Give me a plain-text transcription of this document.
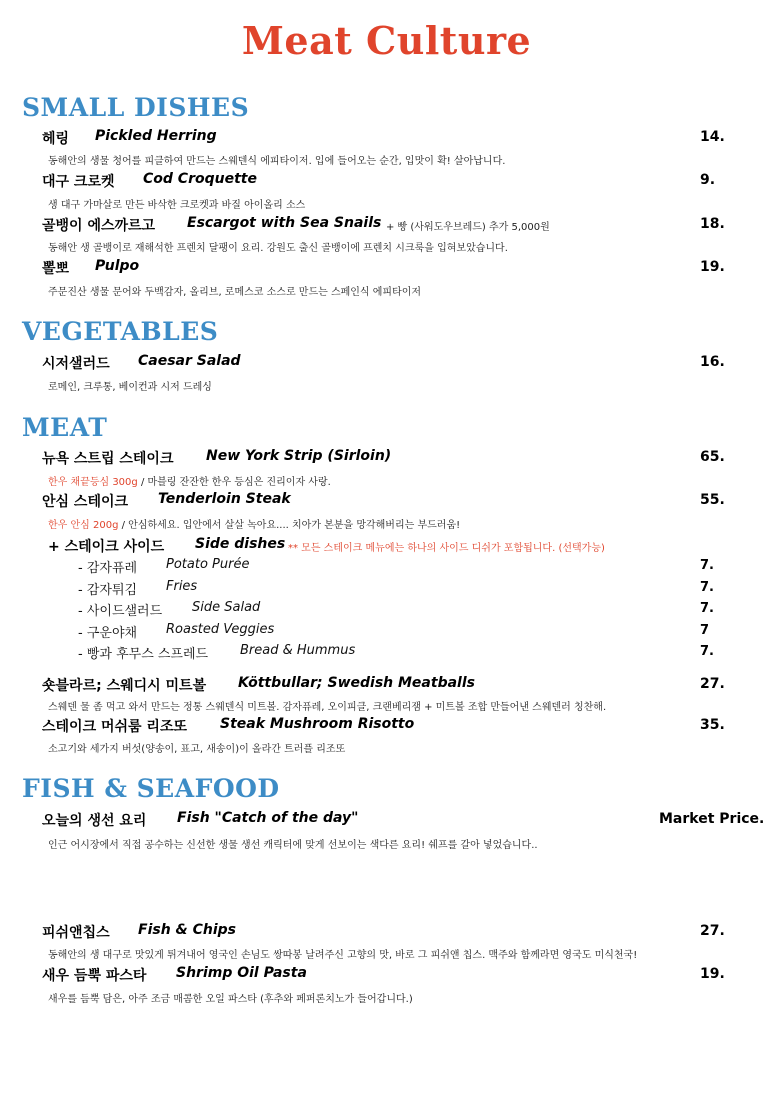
Meat Culture
SMALL DISHES
헤링 Pickled Herring	14.
동해안의 생물 청어를 피클하여 만드는 스웨덴식 에피타이저. 입에 들어오는 순간, 입맛이 확! 살아납니다.
대구 크로켓 Cod Croquette	9.
생 대구 가마살로 만든 바삭한 크로켓과 바질 아이올리 소스
골뱅이 에스까르고 Escargot with Sea Snails + 빵 (사워도우브레드) 추가 5,000원	18.
동해안 생 골뱅이로 재해석한 프렌치 달팽이 요리. 강원도 출신 골뱅이에 프렌치 시크룩을 입혀보았습니다.
뽈뽀 Pulpo	19.
주문진산 생물 문어와 두백감자, 올리브, 로메스코 소스로 만드는 스페인식 에피타이저
VEGETABLES
시저샐러드 Caesar Salad	16.
로메인, 크루통, 베이컨과 시저 드레싱
MEAT
뉴욕 스트립 스테이크 New York Strip (Sirloin)	65.
한우 채끝등심 300g / 마블링 잔잔한 한우 등심은 진리이자 사랑.
안심 스테이크 Tenderloin Steak	55.
한우 안심 200g / 안심하세요. 입안에서 살살 녹아요.... 치아가 본분을 망각해버리는 부드러움!
+ 스테이크 사이드 Side dishes ** 모든 스테이크 메뉴에는 하나의 사이드 디쉬가 포함됩니다. (선택가능)
- 감자퓨레 Potato Purée	7.
- 감자튀김 Fries	7.
- 사이드샐러드 Side Salad	7.
- 구운야채 Roasted Veggies	7
- 빵과 후무스 스프레드 Bread & Hummus	7.
숏블라르; 스웨디시 미트볼 Köttbullar; Swedish Meatballs	27.
스웨덴 물 좀 먹고 와서 만드는 정통 스웨덴식 미트볼. 감자퓨레, 오이피클, 크랜베리잼 + 미트볼 조합 만들어낸 스웨덴러 칭찬해.
스테이크 머쉬룸 리조또 Steak Mushroom Risotto	35.
소고기와 세가지 버섯(양송이, 표고, 새송이)이 올라간 트러플 리조또
FISH & SEAFOOD
오늘의 생선 요리 Fish "Catch of the day"	Market Price.
인근 어시장에서 직접 공수하는 신선한 생물 생선 캐릭터에 맞게 선보이는 색다른 요리! 쉐프를 갈아 넣었습니다..
피쉬앤칩스 Fish & Chips	27.
동해안의 생 대구로 맛있게 튀겨내어 영국인 손님도 쌍따봉 날려주신 고향의 맛, 바로 그 피쉬앤 칩스. 맥주와 함께라면 영국도 미식천국!
새우 듬뿍 파스타 Shrimp Oil Pasta	19.
새우를 듬뿍 담은, 아주 조금 매콤한 오일 파스타 (후추와 페퍼론치노가 들어갑니다.)
